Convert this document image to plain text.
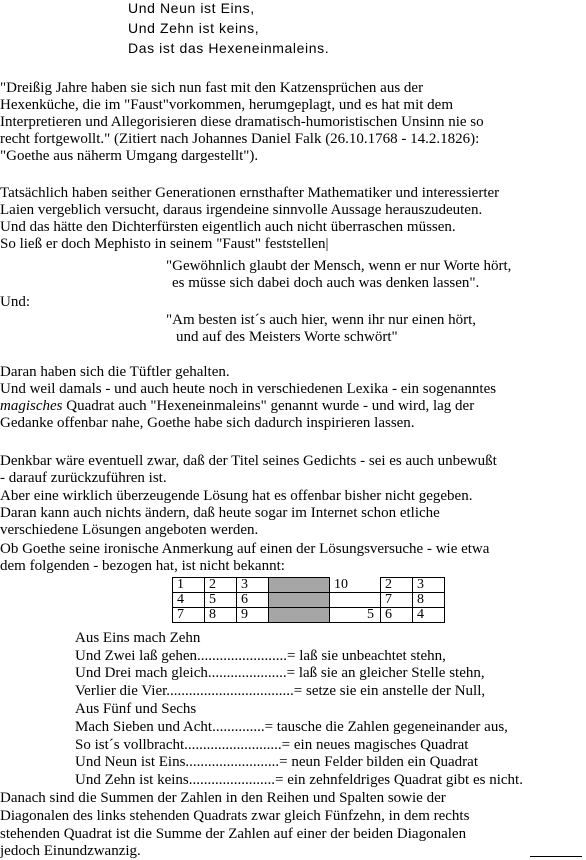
Und Neun ist Eins,
Und Zehn ist keins,
Das ist das Hexeneinmaleins.
"Dreißig Jahre haben sie sich nun fast mit den Katzensprüchen aus der
Hexenküche, die im "Faust"vorkommen, herumgeplagt, und es hat mit dem
Interpretieren und Allegorisieren diese dramatisch-humoristischen Unsinn nie so
recht fortgewollt." (Zitiert nach Johannes Daniel Falk (26.10.1768 - 14.2.1826):
"Goethe aus näherm Umgang dargestellt").
Tatsächlich haben seither Generationen ernsthafter Mathematiker und interessierter
Laien vergeblich versucht, daraus irgendeine sinnvolle Aussage herauszudeuten.
Und das hätte den Dichterfürsten eigentlich auch nicht überraschen müssen.
So ließ er doch Mephisto in seinem "Faust" feststellen|
"Gewöhnlich glaubt der Mensch, wenn er nur Worte hört,
es müsse sich dabei doch auch was denken lassen".
Und:
"Am besten ist´s auch hier, wenn ihr nur einen hört,
und auf des Meisters Worte schwört"
Daran haben sich die Tüftler gehalten.
Und weil damals - und auch heute noch in verschiedenen Lexika - ein sogenanntes
magisches Quadrat auch "Hexeneinmaleins" genannt wurde - und wird, lag der
Gedanke offenbar nahe, Goethe habe sich dadurch inspirieren lassen.
Denkbar wäre eventuell zwar, daß der Titel seines Gedichts - sei es auch unbewußt
- darauf zurückzuführen ist.
Aber eine wirklich überzeugende Lösung hat es offenbar bisher nicht gegeben.
Daran kann auch nichts ändern, daß heute sogar im Internet schon etliche
verschiedene Lösungen angeboten werden.
Ob Goethe seine ironische Anmerkung auf einen der Lösungsversuche - wie etwa
dem folgenden - bezogen hat, ist nicht bekannt:
1	2	3		10	2	3
4	5	6			7	8
7	8	9		5	6	4
Aus Eins mach Zehn
Und Zwei laß gehen........................= laß sie unbeachtet stehn,
Und Drei mach gleich.....................= laß sie an gleicher Stelle stehn,
Verlier die Vier..................................= setze sie ein anstelle der Null,
Aus Fünf und Sechs
Mach Sieben und Acht..............= tausche die Zahlen gegeneinander aus,
So ist´s vollbracht..........................= ein neues magisches Quadrat
Und Neun ist Eins.........................= neun Felder bilden ein Quadrat
Und Zehn ist keins.......................= ein zehnfeldriges Quadrat gibt es nicht.
Danach sind die Summen der Zahlen in den Reihen und Spalten sowie der
Diagonalen des links stehenden Quadrats zwar gleich Fünfzehn, in dem rechts
stehenden Quadrat ist die Summe der Zahlen auf einer der beiden Diagonalen
jedoch Einundzwanzig.
